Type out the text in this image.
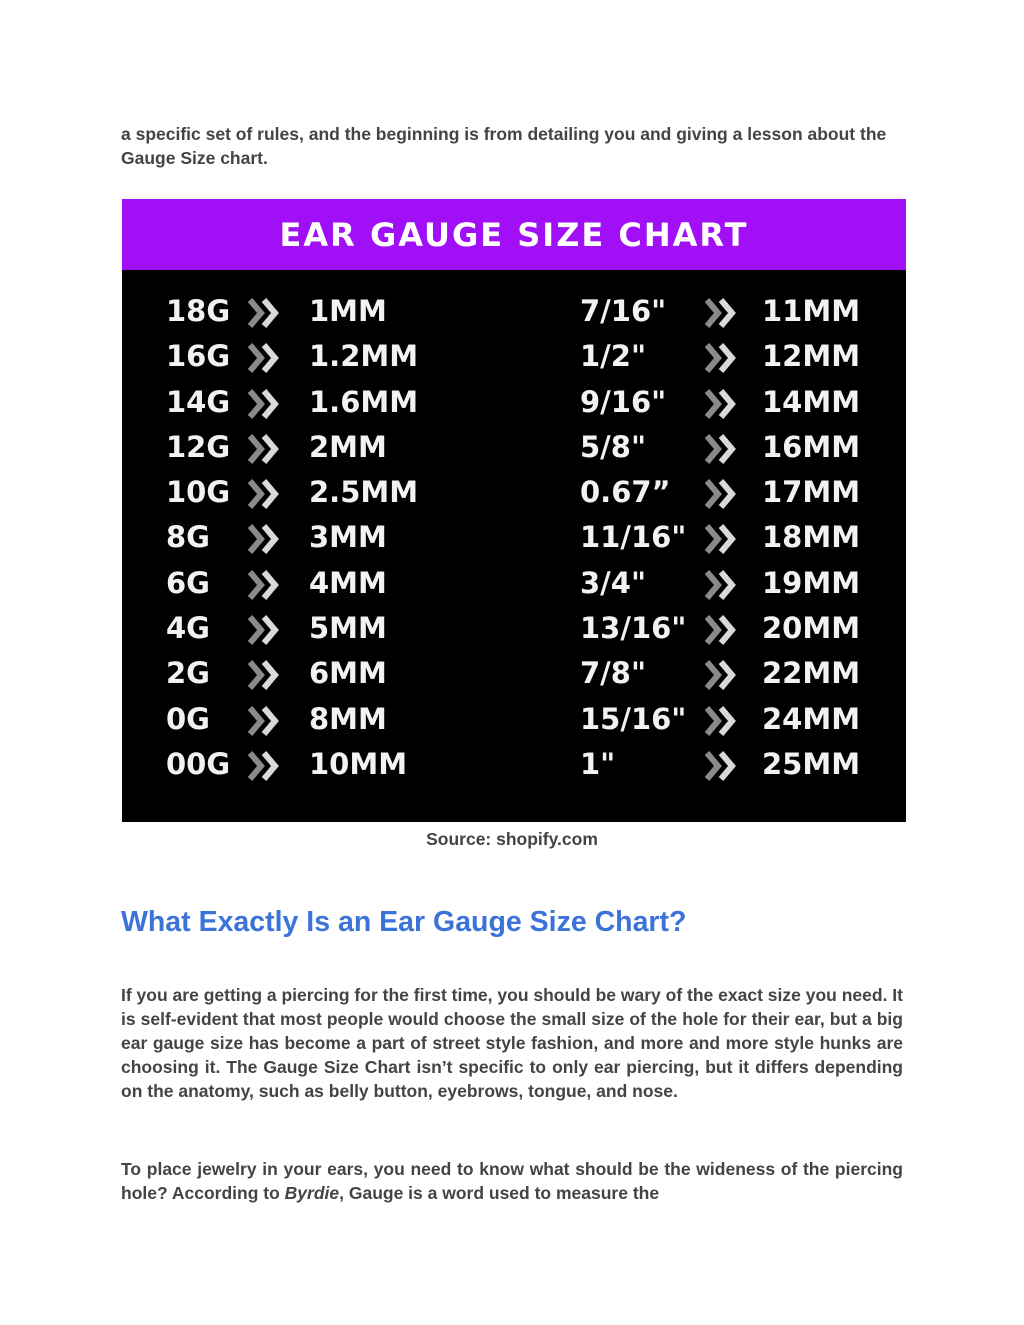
a specific set of rules, and the beginning is from detailing you and giving a lesson about the Gauge Size chart.

EAR GAUGE SIZE CHART
18G	1MM	7/16"	11MM
16G	1.2MM	1/2"	12MM
14G	1.6MM	9/16"	14MM
12G	2MM	5/8"	16MM
10G	2.5MM	0.67”	17MM
8G	3MM	11/16"	18MM
6G	4MM	3/4"	19MM
4G	5MM	13/16"	20MM
2G	6MM	7/8"	22MM
0G	8MM	15/16"	24MM
00G	10MM	1"	25MM

Source: shopify.com

What Exactly Is an Ear Gauge Size Chart?

If you are getting a piercing for the first time, you should be wary of the exact size you need. It is self-evident that most people would choose the small size of the hole for their ear, but a big ear gauge size has become a part of street style fashion, and more and more style hunks are choosing it. The Gauge Size Chart isn’t specific to only ear piercing, but it differs depending on the anatomy, such as belly button, eyebrows, tongue, and nose.

To place jewelry in your ears, you need to know what should be the wideness of the piercing hole? According to Byrdie, Gauge is a word used to measure the
